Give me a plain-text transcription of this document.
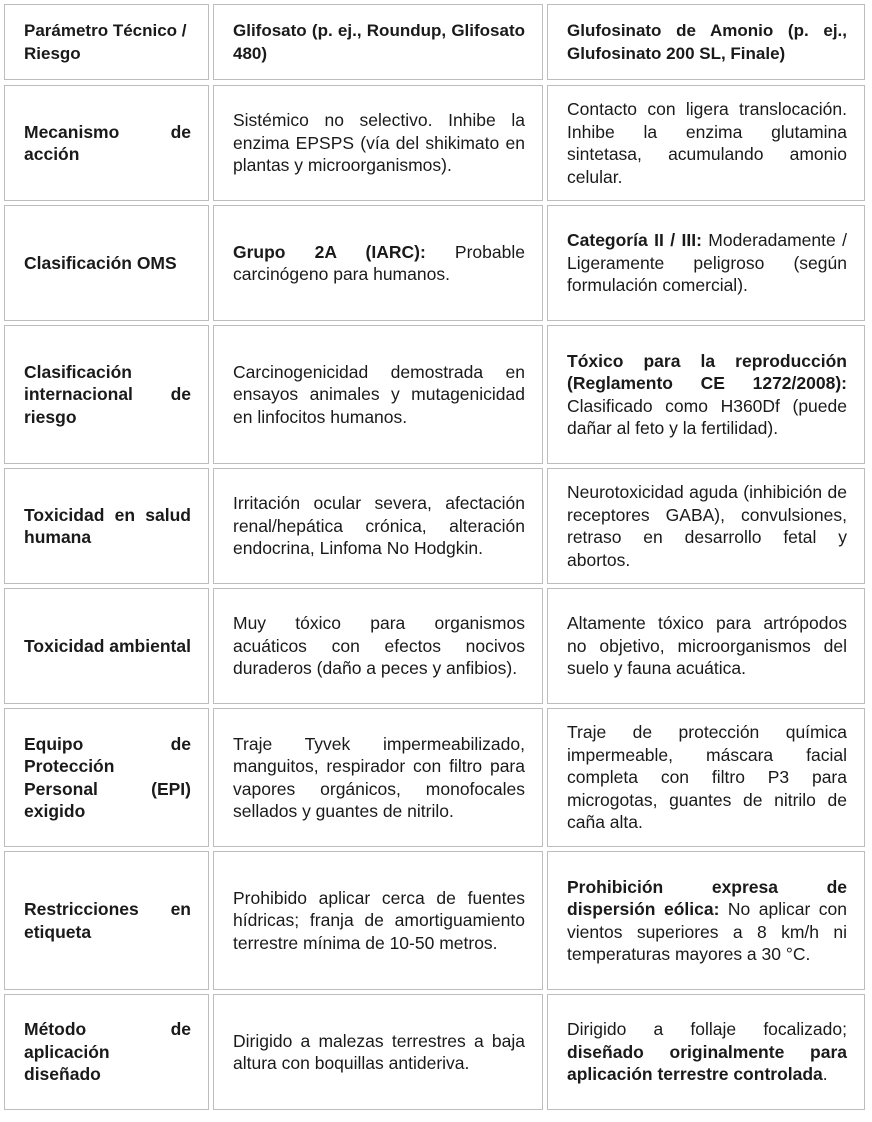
Parámetro Técnico / Riesgo
Glifosato (p. ej., Roundup, Glifosato 480)
Glufosinato de Amonio (p. ej., Glufosinato 200 SL, Finale)
Mecanismo de acción
Sistémico no selectivo. Inhibe la enzima EPSPS (vía del shikimato en plantas y microorganismos).
Contacto con ligera translocación. Inhibe la enzima glutamina sintetasa, acumulando amonio celular.
Clasificación OMS
Grupo 2A (IARC): Probable carcinógeno para humanos.
Categoría II / III: Moderadamente / Ligeramente peligroso (según formulación comercial).
Clasificación internacional de riesgo
Carcinogenicidad demostrada en ensayos animales y mutagenicidad en linfocitos humanos.
Tóxico para la reproducción (Reglamento CE 1272/2008): Clasificado como H360Df (puede dañar al feto y la fertilidad).
Toxicidad en salud humana
Irritación ocular severa, afectación renal/hepática crónica, alteración endocrina, Linfoma No Hodgkin.
Neurotoxicidad aguda (inhibición de receptores GABA), convulsiones, retraso en desarrollo fetal y abortos.
Toxicidad ambiental
Muy tóxico para organismos acuáticos con efectos nocivos duraderos (daño a peces y anfibios).
Altamente tóxico para artrópodos no objetivo, microorganismos del suelo y fauna acuática.
Equipo de Protección Personal (EPI) exigido
Traje Tyvek impermeabilizado, manguitos, respirador con filtro para vapores orgánicos, monofocales sellados y guantes de nitrilo.
Traje de protección química impermeable, máscara facial completa con filtro P3 para microgotas, guantes de nitrilo de caña alta.
Restricciones en etiqueta
Prohibido aplicar cerca de fuentes hídricas; franja de amortiguamiento terrestre mínima de 10-50 metros.
Prohibición expresa de dispersión eólica: No aplicar con vientos superiores a 8 km/h ni temperaturas mayores a 30 °C.
Método de aplicación diseñado
Dirigido a malezas terrestres a baja altura con boquillas antideriva.
Dirigido a follaje focalizado; diseñado originalmente para aplicación terrestre controlada.
